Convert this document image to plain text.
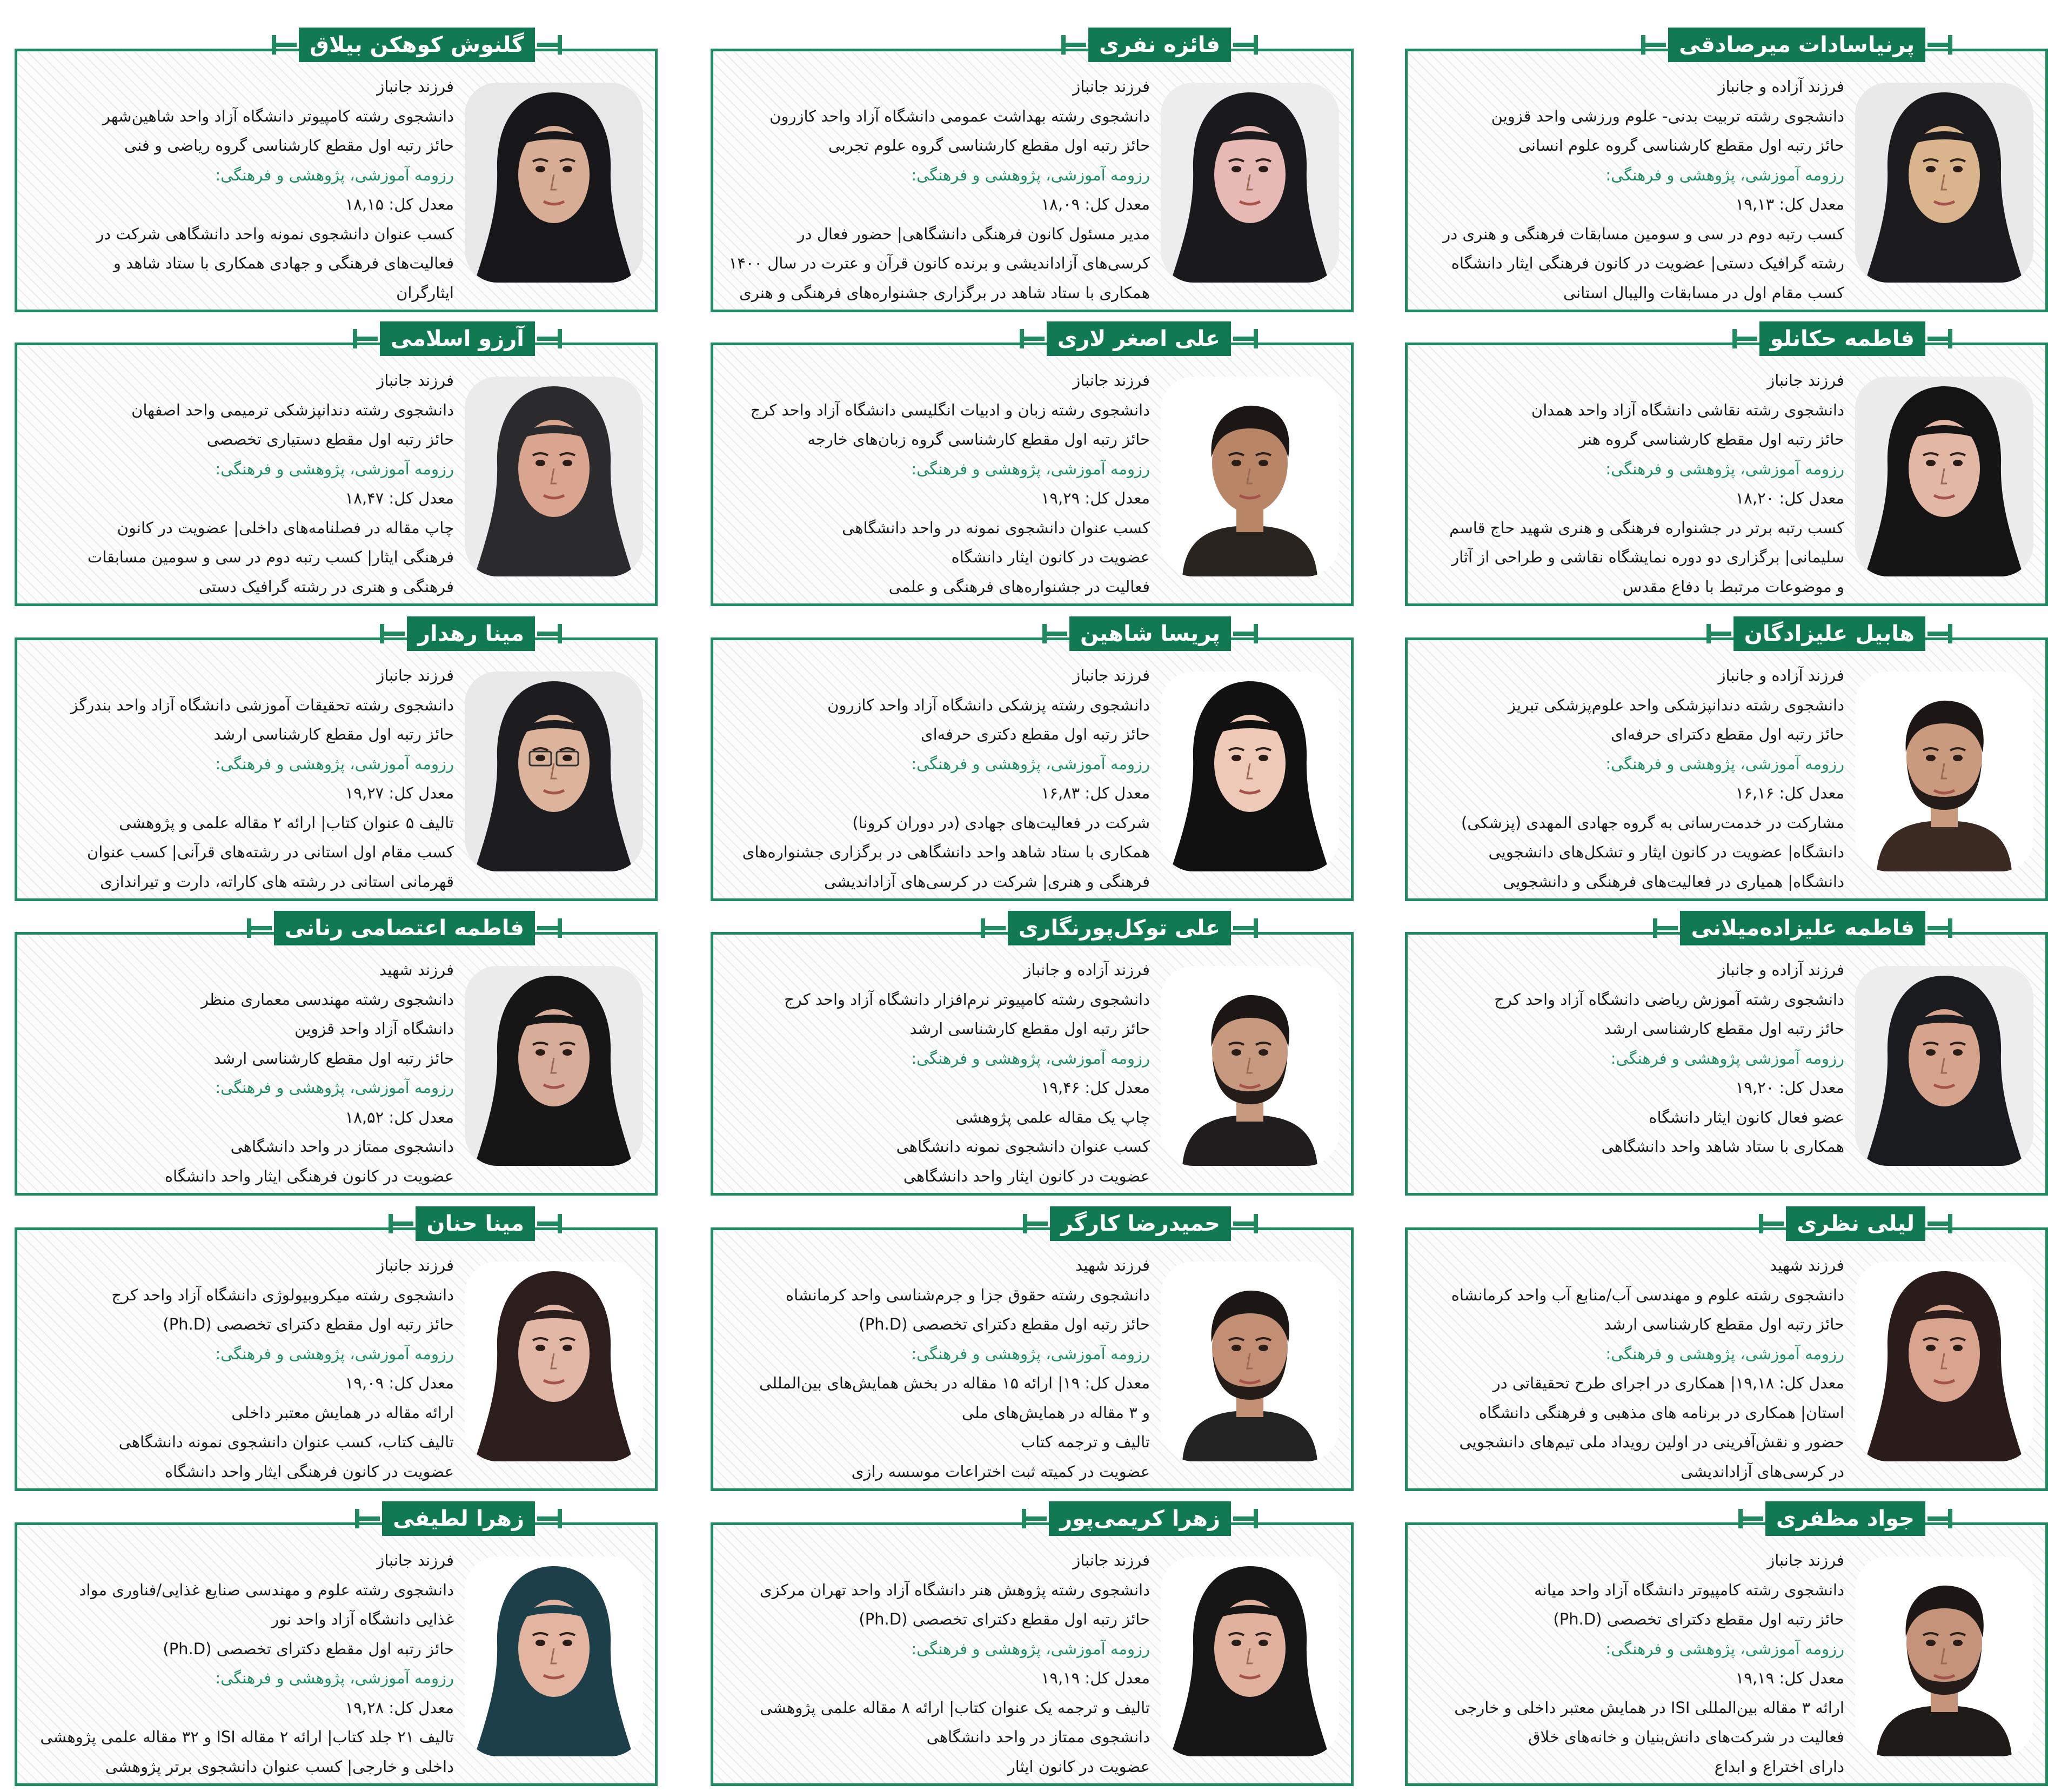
پرنیاسادات میرصادقی
فرزند آزاده و جانباز
دانشجوی رشته تربیت بدنی- علوم ورزشی واحد قزوین
حائز رتبه اول مقطع کارشناسی گروه علوم انسانی
رزومه آموزشی، پژوهشی و فرهنگی:
معدل کل: ۱۹,۱۳
کسب رتبه دوم در سی و سومین مسابقات فرهنگی و هنری در
رشته گرافیک دستی| عضویت در کانون فرهنگی ایثار دانشگاه
کسب مقام اول در مسابقات والیبال استانی
فائزه نفری
فرزند جانباز
دانشجوی رشته بهداشت عمومی دانشگاه آزاد واحد کازرون
حائز رتبه اول مقطع کارشناسی گروه علوم تجربی
رزومه آموزشی، پژوهشی و فرهنگی:
معدل کل: ۱۸,۰۹
مدیر مسئول کانون فرهنگی دانشگاهی| حضور فعال در
کرسی‌های آزاداندیشی و برنده کانون قرآن و عترت در سال ۱۴۰۰
همکاری با ستاد شاهد در برگزاری جشنواره‌های فرهنگی و هنری
گلنوش کوهکن بیلاق
فرزند جانباز
دانشجوی رشته کامپیوتر دانشگاه آزاد واحد شاهین‌شهر
حائز رتبه اول مقطع کارشناسی گروه ریاضی و فنی
رزومه آموزشی، پژوهشی و فرهنگی:
معدل کل: ۱۸,۱۵
کسب عنوان دانشجوی نمونه واحد دانشگاهی شرکت در
فعالیت‌های فرهنگی و جهادی همکاری با ستاد شاهد و
ایثارگران
فاطمه حکانلو
فرزند جانباز
دانشجوی رشته نقاشی دانشگاه آزاد واحد همدان
حائز رتبه اول مقطع کارشناسی گروه هنر
رزومه آموزشی، پژوهشی و فرهنگی:
معدل کل: ۱۸,۲۰
کسب رتبه برتر در جشنواره فرهنگی و هنری شهید حاج قاسم
سلیمانی| برگزاری دو دوره نمایشگاه نقاشی و طراحی از آثار
و موضوعات مرتبط با دفاع مقدس
علی اصغر لاری
فرزند جانباز
دانشجوی رشته زبان و ادبیات انگلیسی دانشگاه آزاد واحد کرج
حائز رتبه اول مقطع کارشناسی گروه زبان‌های خارجه
رزومه آموزشی، پژوهشی و فرهنگی:
معدل کل: ۱۹,۲۹
کسب عنوان دانشجوی نمونه در واحد دانشگاهی
عضویت در کانون ایثار دانشگاه
فعالیت در جشنواره‌های فرهنگی و علمی
آرزو اسلامی
فرزند جانباز
دانشجوی رشته دندانپزشکی ترمیمی واحد اصفهان
حائز رتبه اول مقطع دستیاری تخصصی
رزومه آموزشی، پژوهشی و فرهنگی:
معدل کل: ۱۸,۴۷
چاپ مقاله در فصلنامه‌های داخلی| عضویت در کانون
فرهنگی ایثار| کسب رتبه دوم در سی و سومین مسابقات
فرهنگی و هنری در رشته گرافیک دستی
هابیل علیزادگان
فرزند آزاده و جانباز
دانشجوی رشته دندانپزشکی واحد علوم‌پزشکی تبریز
حائز رتبه اول مقطع دکترای حرفه‌ای
رزومه آموزشی، پژوهشی و فرهنگی:
معدل کل: ۱۶,۱۶
مشارکت در خدمت‌رسانی به گروه جهادی المهدی (پزشکی)
دانشگاه| عضویت در کانون ایثار و تشکل‌های دانشجویی
دانشگاه| همیاری در فعالیت‌های فرهنگی و دانشجویی
پریسا شاهین
فرزند جانباز
دانشجوی رشته پزشکی دانشگاه آزاد واحد کازرون
حائز رتبه اول مقطع دکتری حرفه‌ای
رزومه آموزشی، پژوهشی و فرهنگی:
معدل کل: ۱۶,۸۳
شرکت در فعالیت‌های جهادی (در دوران کرونا)
همکاری با ستاد شاهد واحد دانشگاهی در برگزاری جشنواره‌های
فرهنگی و هنری| شرکت در کرسی‌های آزاداندیشی
مینا رهدار
فرزند جانباز
دانشجوی رشته تحقیقات آموزشی دانشگاه آزاد واحد بندرگز
حائز رتبه اول مقطع کارشناسی ارشد
رزومه آموزشی، پژوهشی و فرهنگی:
معدل کل: ۱۹,۲۷
تالیف ۵ عنوان کتاب| ارائه ۲ مقاله علمی و پژوهشی
کسب مقام اول استانی در رشته‌های قرآنی| کسب عنوان
قهرمانی استانی در رشته های کاراته، دارت و تیراندازی
فاطمه علیزاده‌میلانی
فرزند آزاده و جانباز
دانشجوی رشته آموزش ریاضی دانشگاه آزاد واحد کرج
حائز رتبه اول مقطع کارشناسی ارشد
رزومه آموزشی پژوهشی و فرهنگی:
معدل کل: ۱۹,۲۰
عضو فعال کانون ایثار دانشگاه
همکاری با ستاد شاهد واحد دانشگاهی
علی توکل‌پورنگاری
فرزند آزاده و جانباز
دانشجوی رشته کامپیوتر نرم‌افزار دانشگاه آزاد واحد کرج
حائز رتبه اول مقطع کارشناسی ارشد
رزومه آموزشی، پژوهشی و فرهنگی:
معدل کل: ۱۹,۴۶
چاپ یک مقاله علمی پژوهشی
کسب عنوان دانشجوی نمونه دانشگاهی
عضویت در کانون ایثار واحد دانشگاهی
فاطمه اعتصامی رنانی
فرزند شهید
دانشجوی رشته مهندسی معماری منظر
دانشگاه آزاد واحد قزوین
حائز رتبه اول مقطع کارشناسی ارشد
رزومه آموزشی، پژوهشی و فرهنگی:
معدل کل: ۱۸,۵۲
دانشجوی ممتاز در واحد دانشگاهی
عضویت در کانون فرهنگی ایثار واحد دانشگاه
لیلی نظری
فرزند شهید
دانشجوی رشته علوم و مهندسی آب/منابع آب واحد کرمانشاه
حائز رتبه اول مقطع کارشناسی ارشد
رزومه آموزشی، پژوهشی و فرهنگی:
معدل کل: ۱۹,۱۸| همکاری در اجرای طرح تحقیقاتی در
استان| همکاری در برنامه های مذهبی و فرهنگی دانشگاه
حضور و نقش‌آفرینی در اولین رویداد ملی تیم‌های دانشجویی
در کرسی‌های آزاداندیشی
حمیدرضا کارگر
فرزند شهید
دانشجوی رشته حقوق جزا و جرم‌شناسی واحد کرمانشاه
حائز رتبه اول مقطع دکترای تخصصی (Ph.D)
رزومه آموزشی، پژوهشی و فرهنگی:
معدل کل: ۱۹| ارائه ۱۵ مقاله در بخش همایش‌های بین‌المللی
و ۳ مقاله در همایش‌های ملی
تالیف و ترجمه کتاب
عضویت در کمیته ثبت اختراعات موسسه رازی
مینا حنان
فرزند جانباز
دانشجوی رشته میکروبیولوژی دانشگاه آزاد واحد کرج
حائز رتبه اول مقطع دکترای تخصصی (Ph.D)
رزومه آموزشی، پژوهشی و فرهنگی:
معدل کل: ۱۹,۰۹
ارائه مقاله در همایش معتبر داخلی
تالیف کتاب، کسب عنوان دانشجوی نمونه دانشگاهی
عضویت در کانون فرهنگی ایثار واحد دانشگاه
جواد مظفری
فرزند جانباز
دانشجوی رشته کامپیوتر دانشگاه آزاد واحد میانه
حائز رتبه اول مقطع دکترای تخصصی (Ph.D)
رزومه آموزشی، پژوهشی و فرهنگی:
معدل کل: ۱۹,۱۹
ارائه ۳ مقاله بین‌المللی ISI در همایش معتبر داخلی و خارجی
فعالیت در شرکت‌های دانش‌بنیان و خانه‌های خلاق
دارای اختراع و ابداع
زهرا کریمی‌پور
فرزند جانباز
دانشجوی رشته پژوهش هنر دانشگاه آزاد واحد تهران مرکزی
حائز رتبه اول مقطع دکترای تخصصی (Ph.D)
رزومه آموزشی، پژوهشی و فرهنگی:
معدل کل: ۱۹,۱۹
تالیف و ترجمه یک عنوان کتاب| ارائه ۸ مقاله علمی پژوهشی
دانشجوی ممتاز در واحد دانشگاهی
عضویت در کانون ایثار
زهرا لطیفی
فرزند جانباز
دانشجوی رشته علوم و مهندسی صنایع غذایی/فناوری مواد
غذایی دانشگاه آزاد واحد نور
حائز رتبه اول مقطع دکترای تخصصی (Ph.D)
رزومه آموزشی، پژوهشی و فرهنگی:
معدل کل: ۱۹,۲۸
تالیف ۲۱ جلد کتاب| ارائه ۲ مقاله ISI و ۳۲ مقاله علمی پژوهشی
داخلی و خارجی| کسب عنوان دانشجوی برتر پژوهشی
